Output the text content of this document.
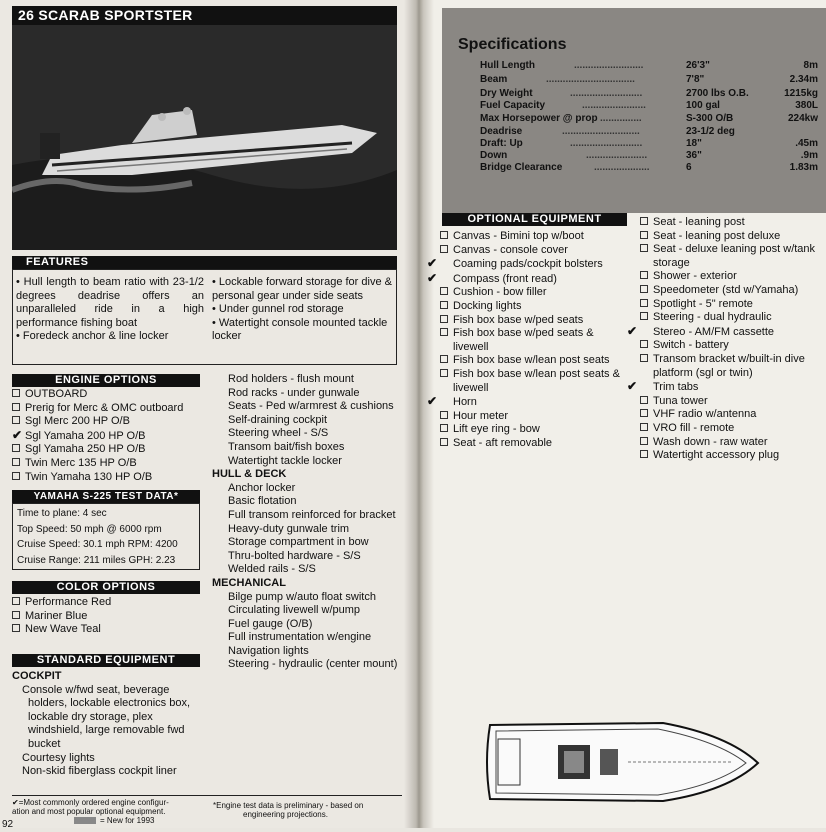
26 SCARAB SPORTSTER
FEATURES
• Hull length to beam ratio with 23-1/2 degrees deadrise offers an unparalleled ride in a high performance fishing boat
• Foredeck anchor & line locker
• Lockable forward storage for dive & personal gear under side seats
• Under gunnel rod storage
• Watertight console mounted tackle locker
ENGINE OPTIONS
OUTBOARD
Prerig for Merc & OMC outboard
Sgl Merc 200 HP O/B
✔ Sgl Yamaha 200 HP O/B
Sgl Yamaha 250 HP O/B
Twin Merc 135 HP O/B
Twin Yamaha 130 HP O/B
YAMAHA S-225 TEST DATA*
Time to plane: 4 sec
Top Speed: 50 mph @ 6000 rpm
Cruise Speed: 30.1 mph RPM: 4200
Cruise Range: 211 miles GPH: 2.23
COLOR OPTIONS
Performance Red
Mariner Blue
New Wave Teal
STANDARD EQUIPMENT
COCKPIT
Console w/fwd seat, beverage holders, lockable electronics box, lockable dry storage, plex windshield, large removable fwd bucket
Courtesy lights
Non-skid fiberglass cockpit liner
Rod holders - flush mount
Rod racks - under gunwale
Seats - Ped w/armrest & cushions
Self-draining cockpit
Steering wheel - S/S
Transom bait/fish boxes
Watertight tackle locker
HULL & DECK
Anchor locker
Basic flotation
Full transom reinforced for bracket
Heavy-duty gunwale trim
Storage compartment in bow
Thru-bolted hardware - S/S
Welded rails - S/S
MECHANICAL
Bilge pump w/auto float switch
Circulating livewell w/pump
Fuel gauge (O/B)
Full instrumentation w/engine
Navigation lights
Steering - hydraulic (center mount)
✔=Most commonly ordered engine configur-
ation and most popular optional equipment.
= New for 1993
*Engine test data is preliminary - based on
engineering projections.
92
Specifications
.........................
Hull Length	26'3"	8m
................................
Beam	7'8"	2.34m
..........................
Dry Weight	2700 lbs O.B.	1215kg
.......................
Fuel Capacity	100 gal	380L
...............
Max Horsepower @ prop	S-300 O/B	224kw
............................
Deadrise	23-1/2 deg
..........................
Draft: Up	18"	.45m
......................
Down	36"	.9m
....................
Bridge Clearance	6	1.83m
OPTIONAL EQUIPMENT
Canvas - Bimini top w/boot
Canvas - console cover
✔ Coaming pads/cockpit bolsters
✔ Compass (front read)
Cushion - bow filler
Docking lights
Fish box base w/ped seats
Fish box base w/ped seats & livewell
Fish box base w/lean post seats
Fish box base w/lean post seats & livewell
✔ Horn
Hour meter
Lift eye ring - bow
Seat - aft removable
Seat - leaning post
Seat - leaning post deluxe
Seat - deluxe leaning post w/tank storage
Shower - exterior
Speedometer (std w/Yamaha)
Spotlight - 5" remote
Steering - dual hydraulic
✔ Stereo - AM/FM cassette
Switch - battery
Transom bracket w/built-in dive platform (sgl or twin)
✔ Trim tabs
Tuna tower
VHF radio w/antenna
VRO fill - remote
Wash down - raw water
Watertight accessory plug
